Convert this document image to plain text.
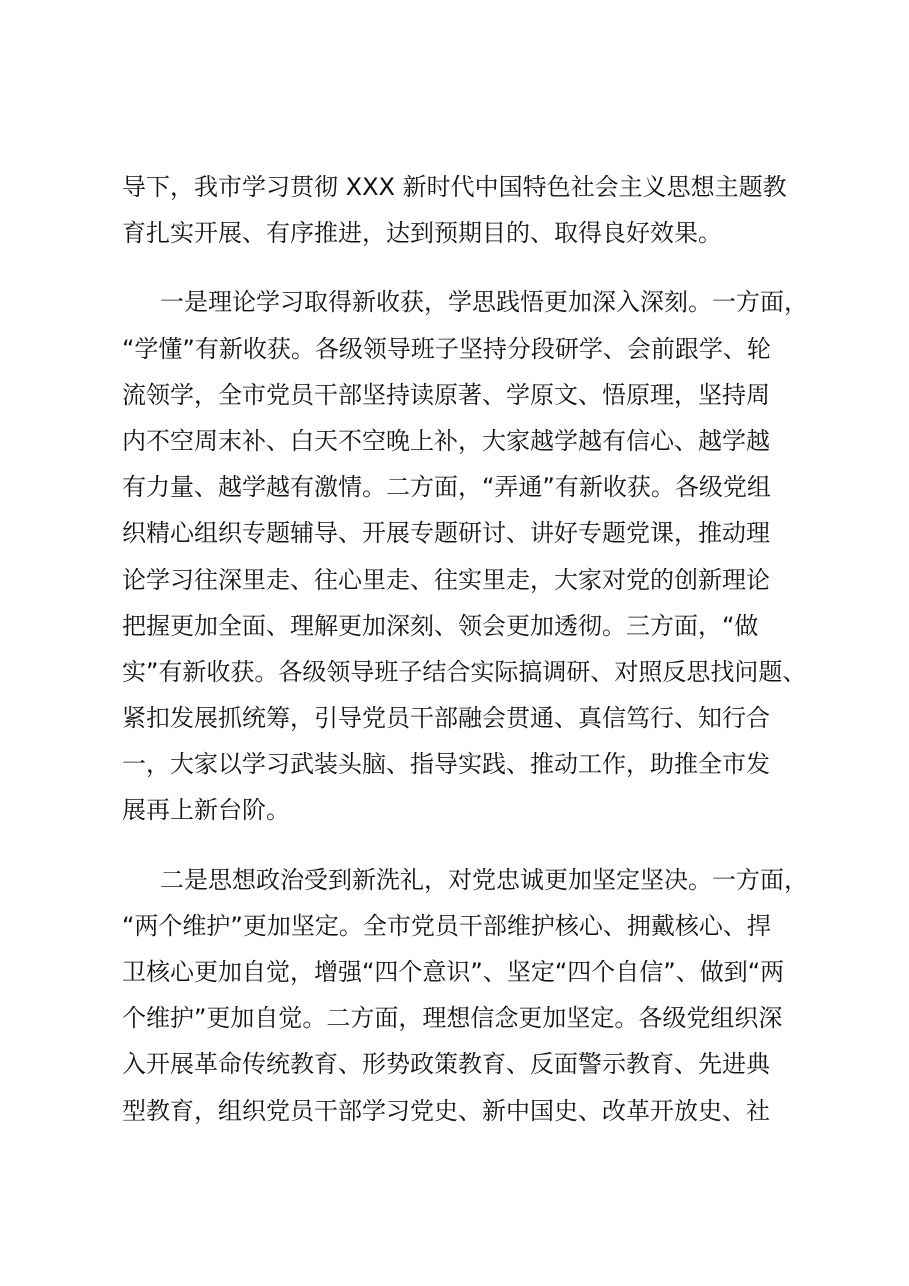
导下，我市学习贯彻 XXX 新时代中国特色社会主义思想主题教
育扎实开展、有序推进，达到预期目的、取得良好效果。
一是理论学习取得新收获，学思践悟更加深入深刻。一方面，
“学懂”有新收获。各级领导班子坚持分段研学、会前跟学、轮
流领学，全市党员干部坚持读原著、学原文、悟原理，坚持周
内不空周末补、白天不空晚上补，大家越学越有信心、越学越
有力量、越学越有激情。二方面，“弄通”有新收获。各级党组
织精心组织专题辅导、开展专题研讨、讲好专题党课，推动理
论学习往深里走、往心里走、往实里走，大家对党的创新理论
把握更加全面、理解更加深刻、领会更加透彻。三方面，“做
实”有新收获。各级领导班子结合实际搞调研、对照反思找问题、
紧扣发展抓统筹，引导党员干部融会贯通、真信笃行、知行合
一，大家以学习武装头脑、指导实践、推动工作，助推全市发
展再上新台阶。
二是思想政治受到新洗礼，对党忠诚更加坚定坚决。一方面，
“两个维护”更加坚定。全市党员干部维护核心、拥戴核心、捍
卫核心更加自觉，增强“四个意识”、坚定“四个自信”、做到“两
个维护”更加自觉。二方面，理想信念更加坚定。各级党组织深
入开展革命传统教育、形势政策教育、反面警示教育、先进典
型教育，组织党员干部学习党史、新中国史、改革开放史、社
